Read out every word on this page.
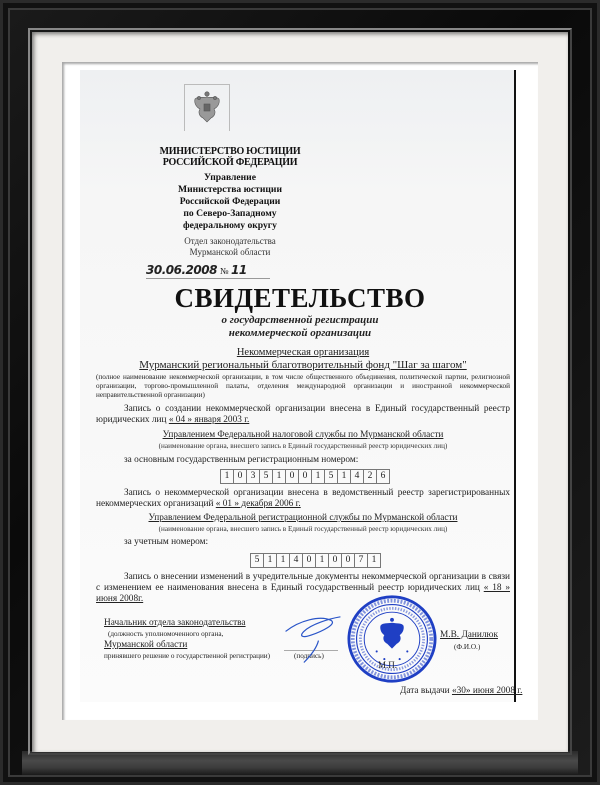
МИНИСТЕРСТВО ЮСТИЦИИ
РОССИЙСКОЙ ФЕДЕРАЦИИ
Управление
Министерства юстиции
Российской Федерации
по Северо-Западному
федеральному округу
Отдел законодательства
Мурманской области
30.06.2008 № 11
СВИДЕТЕЛЬСТВО
о государственной регистрации
некоммерческой организации
Некоммерческая организация
Мурманский региональный благотворительный фонд "Шаг за шагом"
(полное наименование некоммерческой организации, в том числе общественного объединения, политической партии, религиозной организации, торгово-промышленной палаты, отделения международной организации и иностранной некоммерческой неправительственной организации)
Запись о создании некоммерческой организации внесена в Единый государственный реестр юридических лиц « 04 » января 2003 г.
Управлением Федеральной налоговой службы по Мурманской области
(наименование органа, внесшего запись в Единый государственный реестр юридических лиц)
за основным государственным регистрационным номером:
1 0 3 5 1 0 0 1 5 1 4 2 6
Запись о некоммерческой организации внесена в ведомственный реестр зарегистрированных некоммерческих организаций « 01 » декабря 2006 г.
Управлением Федеральной регистрационной службы по Мурманской области
(наименование органа, внесшего запись в Единый государственный реестр юридических лиц)
за учетным номером:
5 1 1 4 0 1 0 0 7 1
Запись о внесении изменений в учредительные документы некоммерческой организации в связи с изменением ее наименования внесена в Единый государственный реестр юридических лиц « 18 » июня 2008г.
Начальник отдела законодательства
(должность уполномоченного органа,
Мурманской области
принявшего решение о государственной регистрации)	(подпись)
М.П.
М.В. Данилюк
(Ф.И.О.)
Дата выдачи «30» июня 2008 г.
